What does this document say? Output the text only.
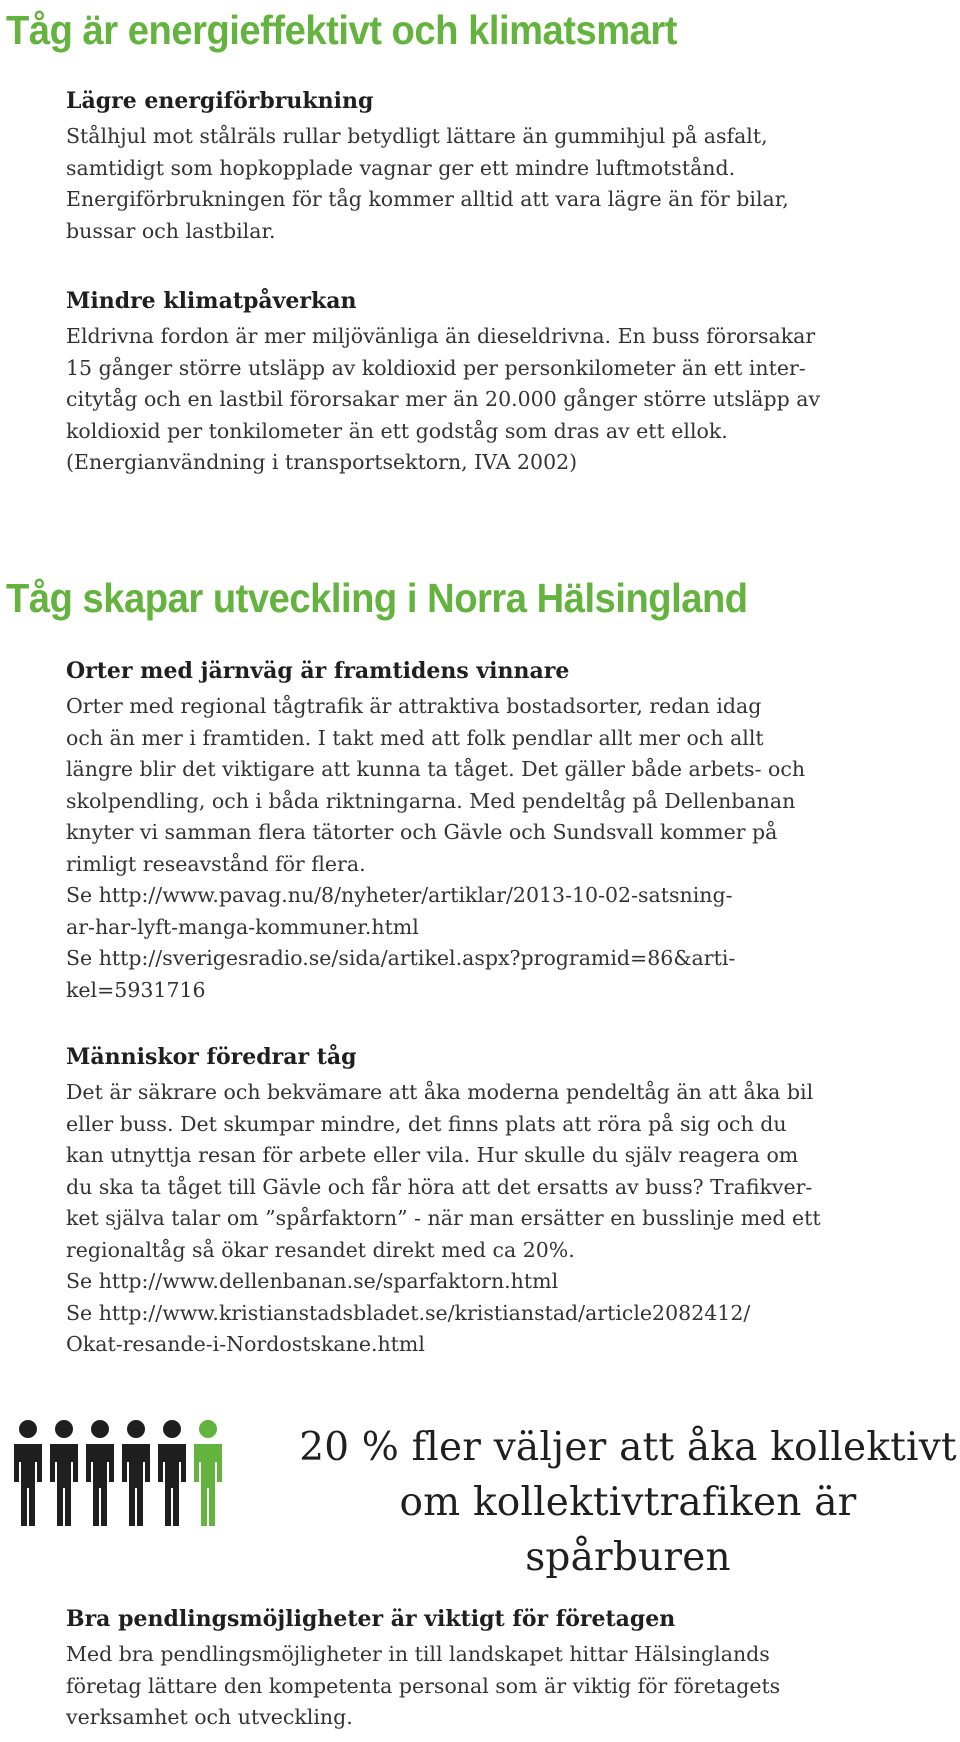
Tåg är energieffektivt och klimatsmart
Lägre energiförbrukning

Stålhjul mot stålräls rullar betydligt lättare än gummihjul på asfalt,
samtidigt som hopkopplade vagnar ger ett mindre luftmotstånd.
Energiförbrukningen för tåg kommer alltid att vara lägre än för bilar,
bussar och lastbilar.

Mindre klimatpåverkan

Eldrivna fordon är mer miljövänliga än dieseldrivna. En buss förorsakar
15 gånger större utsläpp av koldioxid per personkilometer än ett inter-
citytåg och en lastbil förorsakar mer än 20.000 gånger större utsläpp av
koldioxid per tonkilometer än ett godståg som dras av ett ellok.
(Energianvändning i transportsektorn, IVA 2002)

Tåg skapar utveckling i Norra Hälsingland
Orter med järnväg är framtidens vinnare

Orter med regional tågtrafik är attraktiva bostadsorter, redan idag
och än mer i framtiden. I takt med att folk pendlar allt mer och allt
längre blir det viktigare att kunna ta tåget. Det gäller både arbets- och
skolpendling, och i båda riktningarna. Med pendeltåg på Dellenbanan
knyter vi samman flera tätorter och Gävle och Sundsvall kommer på
rimligt reseavstånd för flera.
Se http://www.pavag.nu/8/nyheter/artiklar/2013-10-02-satsning-
ar-har-lyft-manga-kommuner.html
Se http://sverigesradio.se/sida/artikel.aspx?programid=86&arti-
kel=5931716

Människor föredrar tåg

Det är säkrare och bekvämare att åka moderna pendeltåg än att åka bil
eller buss. Det skumpar mindre, det finns plats att röra på sig och du
kan utnyttja resan för arbete eller vila. Hur skulle du själv reagera om
du ska ta tåget till Gävle och får höra att det ersatts av buss? Trafikver-
ket själva talar om ”spårfaktorn” - när man ersätter en busslinje med ett
regionaltåg så ökar resandet direkt med ca 20%.
Se http://www.dellenbanan.se/sparfaktorn.html
Se http://www.kristianstadsbladet.se/kristianstad/article2082412/
Okat-resande-i-Nordostskane.html

20 % fler väljer att åka kollektivt
om kollektivtrafiken är spårburen

Bra pendlingsmöjligheter är viktigt för företagen

Med bra pendlingsmöjligheter in till landskapet hittar Hälsinglands
företag lättare den kompetenta personal som är viktig för företagets
verksamhet och utveckling.
